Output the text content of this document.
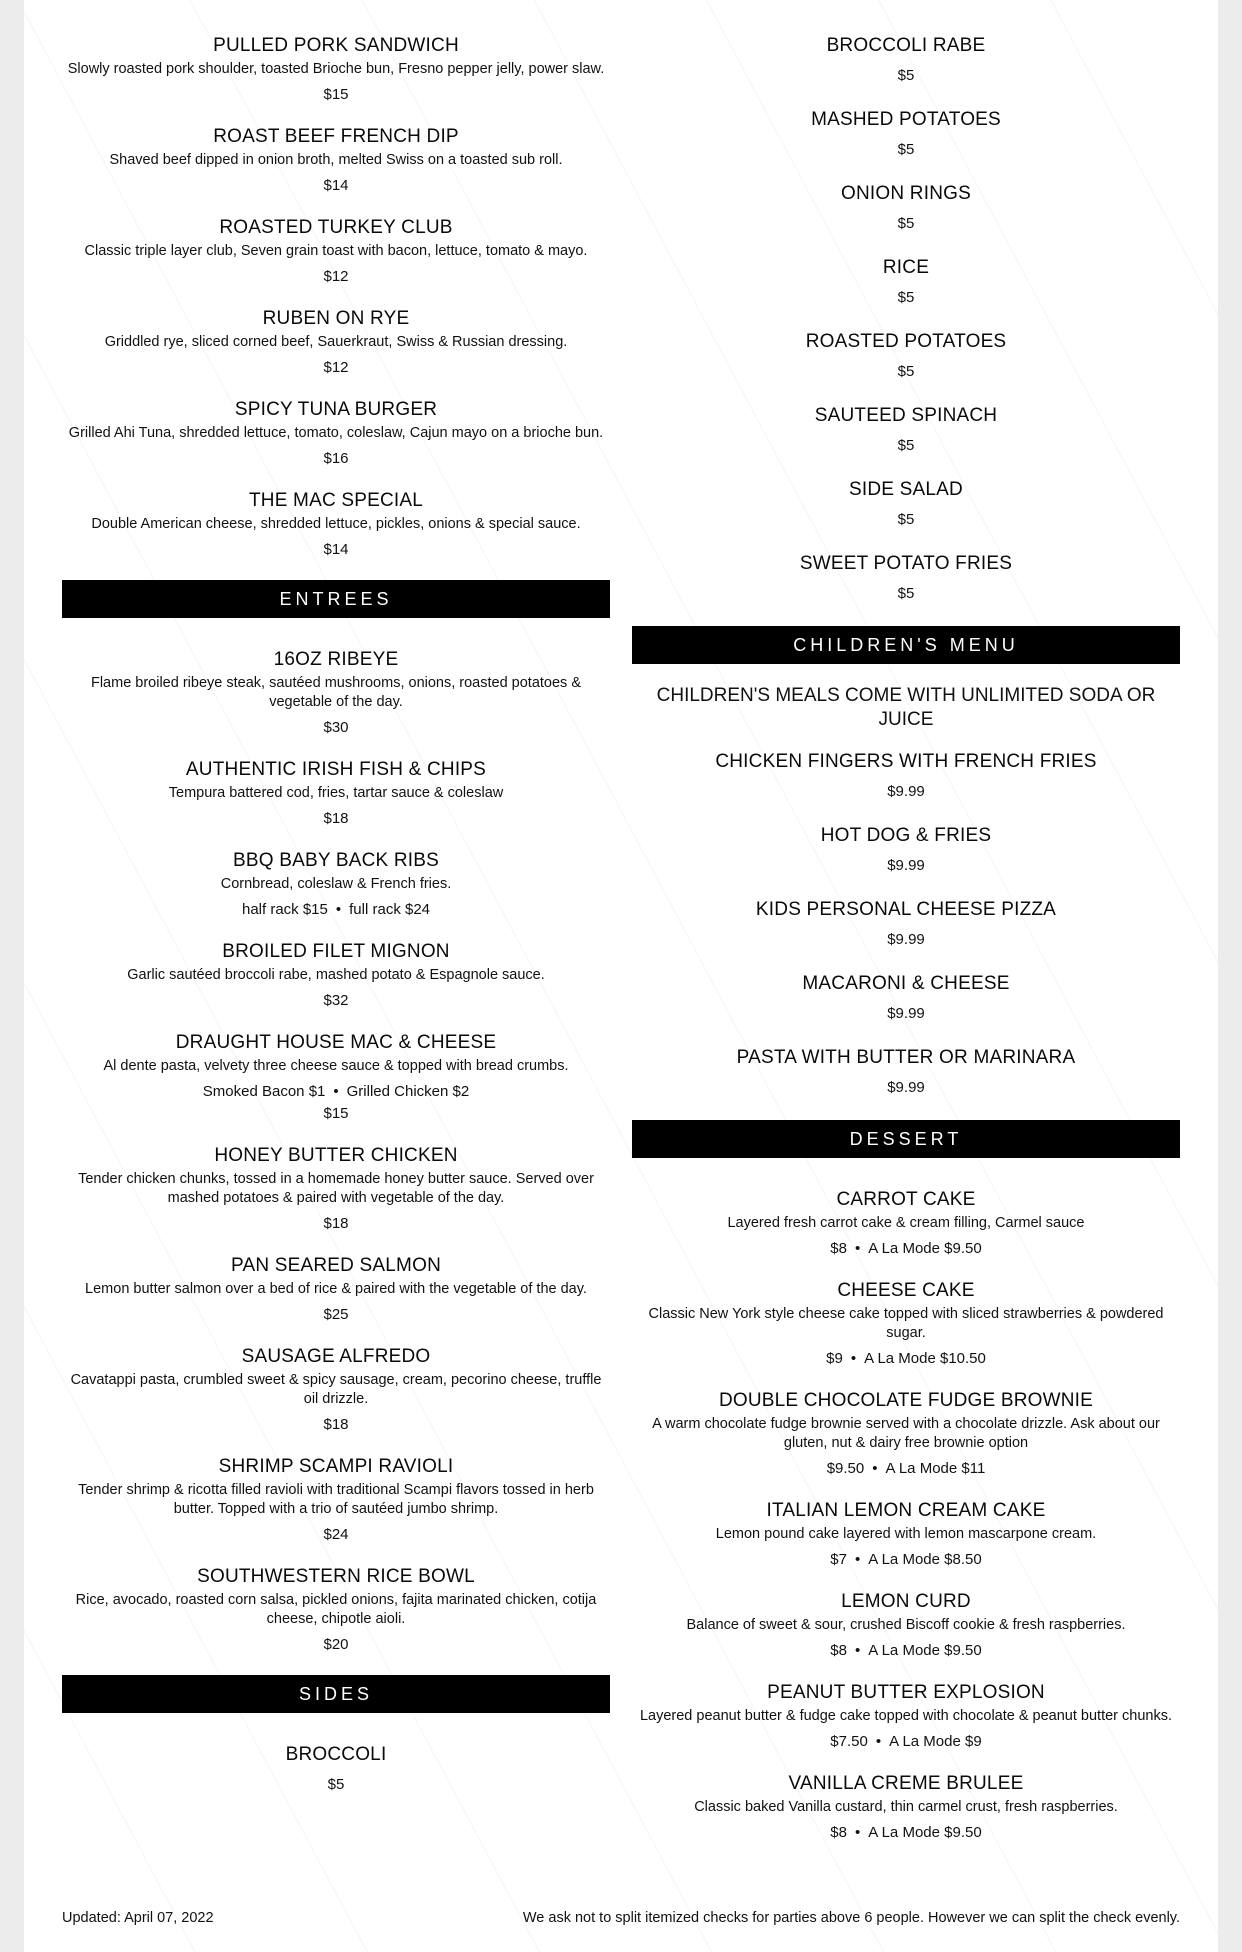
PULLED PORK SANDWICH
Slowly roasted pork shoulder, toasted Brioche bun, Fresno pepper jelly, power slaw.
$15
ROAST BEEF FRENCH DIP
Shaved beef dipped in onion broth, melted Swiss on a toasted sub roll.
$14
ROASTED TURKEY CLUB
Classic triple layer club, Seven grain toast with bacon, lettuce, tomato & mayo.
$12
RUBEN ON RYE
Griddled rye, sliced corned beef, Sauerkraut, Swiss & Russian dressing.
$12
SPICY TUNA BURGER
Grilled Ahi Tuna, shredded lettuce, tomato, coleslaw, Cajun mayo on a brioche bun.
$16
THE MAC SPECIAL
Double American cheese, shredded lettuce, pickles, onions & special sauce.
$14
ENTREES
16OZ RIBEYE
Flame broiled ribeye steak, sautéed mushrooms, onions, roasted potatoes & vegetable of the day.
$30
AUTHENTIC IRISH FISH & CHIPS
Tempura battered cod, fries, tartar sauce & coleslaw
$18
BBQ BABY BACK RIBS
Cornbread, coleslaw & French fries.
half rack $15 • full rack $24
BROILED FILET MIGNON
Garlic sautéed broccoli rabe, mashed potato & Espagnole sauce.
$32
DRAUGHT HOUSE MAC & CHEESE
Al dente pasta, velvety three cheese sauce & topped with bread crumbs.
Smoked Bacon $1 • Grilled Chicken $2
$15
HONEY BUTTER CHICKEN
Tender chicken chunks, tossed in a homemade honey butter sauce. Served over mashed potatoes & paired with vegetable of the day.
$18
PAN SEARED SALMON
Lemon butter salmon over a bed of rice & paired with the vegetable of the day.
$25
SAUSAGE ALFREDO
Cavatappi pasta, crumbled sweet & spicy sausage, cream, pecorino cheese, truffle oil drizzle.
$18
SHRIMP SCAMPI RAVIOLI
Tender shrimp & ricotta filled ravioli with traditional Scampi flavors tossed in herb butter. Topped with a trio of sautéed jumbo shrimp.
$24
SOUTHWESTERN RICE BOWL
Rice, avocado, roasted corn salsa, pickled onions, fajita marinated chicken, cotija cheese, chipotle aioli.
$20
SIDES
BROCCOLI
$5
BROCCOLI RABE
$5
MASHED POTATOES
$5
ONION RINGS
$5
RICE
$5
ROASTED POTATOES
$5
SAUTEED SPINACH
$5
SIDE SALAD
$5
SWEET POTATO FRIES
$5
CHILDREN'S MENU
CHILDREN'S MEALS COME WITH UNLIMITED SODA OR JUICE
CHICKEN FINGERS WITH FRENCH FRIES
$9.99
HOT DOG & FRIES
$9.99
KIDS PERSONAL CHEESE PIZZA
$9.99
MACARONI & CHEESE
$9.99
PASTA WITH BUTTER OR MARINARA
$9.99
DESSERT
CARROT CAKE
Layered fresh carrot cake & cream filling, Carmel sauce
$8 • A La Mode $9.50
CHEESE CAKE
Classic New York style cheese cake topped with sliced strawberries & powdered sugar.
$9 • A La Mode $10.50
DOUBLE CHOCOLATE FUDGE BROWNIE
A warm chocolate fudge brownie served with a chocolate drizzle. Ask about our gluten, nut & dairy free brownie option
$9.50 • A La Mode $11
ITALIAN LEMON CREAM CAKE
Lemon pound cake layered with lemon mascarpone cream.
$7 • A La Mode $8.50
LEMON CURD
Balance of sweet & sour, crushed Biscoff cookie & fresh raspberries.
$8 • A La Mode $9.50
PEANUT BUTTER EXPLOSION
Layered peanut butter & fudge cake topped with chocolate & peanut butter chunks.
$7.50 • A La Mode $9
VANILLA CREME BRULEE
Classic baked Vanilla custard, thin carmel crust, fresh raspberries.
$8 • A La Mode $9.50
Updated: April 07, 2022	We ask not to split itemized checks for parties above 6 people. However we can split the check evenly.
